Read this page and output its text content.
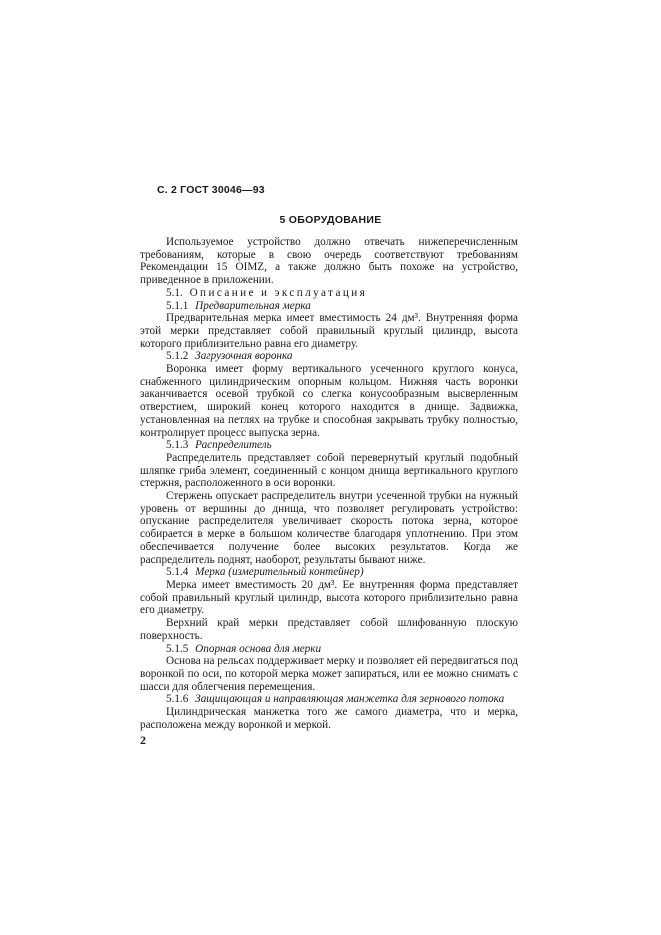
С. 2 ГОСТ 30046—93
5 ОБОРУДОВАНИЕ

Используемое устройство должно отвечать нижеперечисленным требованиям, которые в свою очередь соответствуют требованиям Рекомендации 15 OIMZ, а также должно быть похоже на устройство, приведенное в приложении.

5.1. Описание и эксплуатация

5.1.1 Предварительная мерка

Предварительная мерка имеет вместимость 24 дм³. Внутренняя форма этой мерки представляет собой правильный круглый цилиндр, высота которого приблизительно равна его диаметру.

5.1.2 Загрузочная воронка

Воронка имеет форму вертикального усеченного круглого конуса, снабженного цилиндрическим опорным кольцом. Нижняя часть воронки заканчивается осевой трубкой со слегка конусообразным высверленным отверстием, широкий конец которого находится в днище. Задвижка, установленная на петлях на трубке и способная закрывать трубку полностью, контролирует процесс выпуска зерна.

5.1.3 Распределитель

Распределитель представляет собой перевернутый круглый подобный шляпке гриба элемент, соединенный с концом днища вертикального круглого стержня, расположенного в оси воронки.

Стержень опускает распределитель внутри усеченной трубки на нужный уровень от вершины до днища, что позволяет регулировать устройство: опускание распределителя увеличивает скорость потока зерна, которое собирается в мерке в большом количестве благодаря уплотнению. При этом обеспечивается получение более высоких результатов. Когда же распределитель поднят, наоборот, результаты бывают ниже.

5.1.4 Мерка (измерительный контейнер)

Мерка имеет вместимость 20 дм³. Ее внутренняя форма представляет собой правильный круглый цилиндр, высота которого приблизительно равна его диаметру.

Верхний край мерки представляет собой шлифованную плоскую поверхность.

5.1.5 Опорная основа для мерки

Основа на рельсах поддерживает мерку и позволяет ей передвигаться под воронкой по оси, по которой мерка может запираться, или ее можно снимать с шасси для облегчения перемещения.

5.1.6 Защищающая и направляющая манжетка для зернового потока

Цилиндрическая манжетка того же самого диаметра, что и мерка, расположена между воронкой и меркой.

2
